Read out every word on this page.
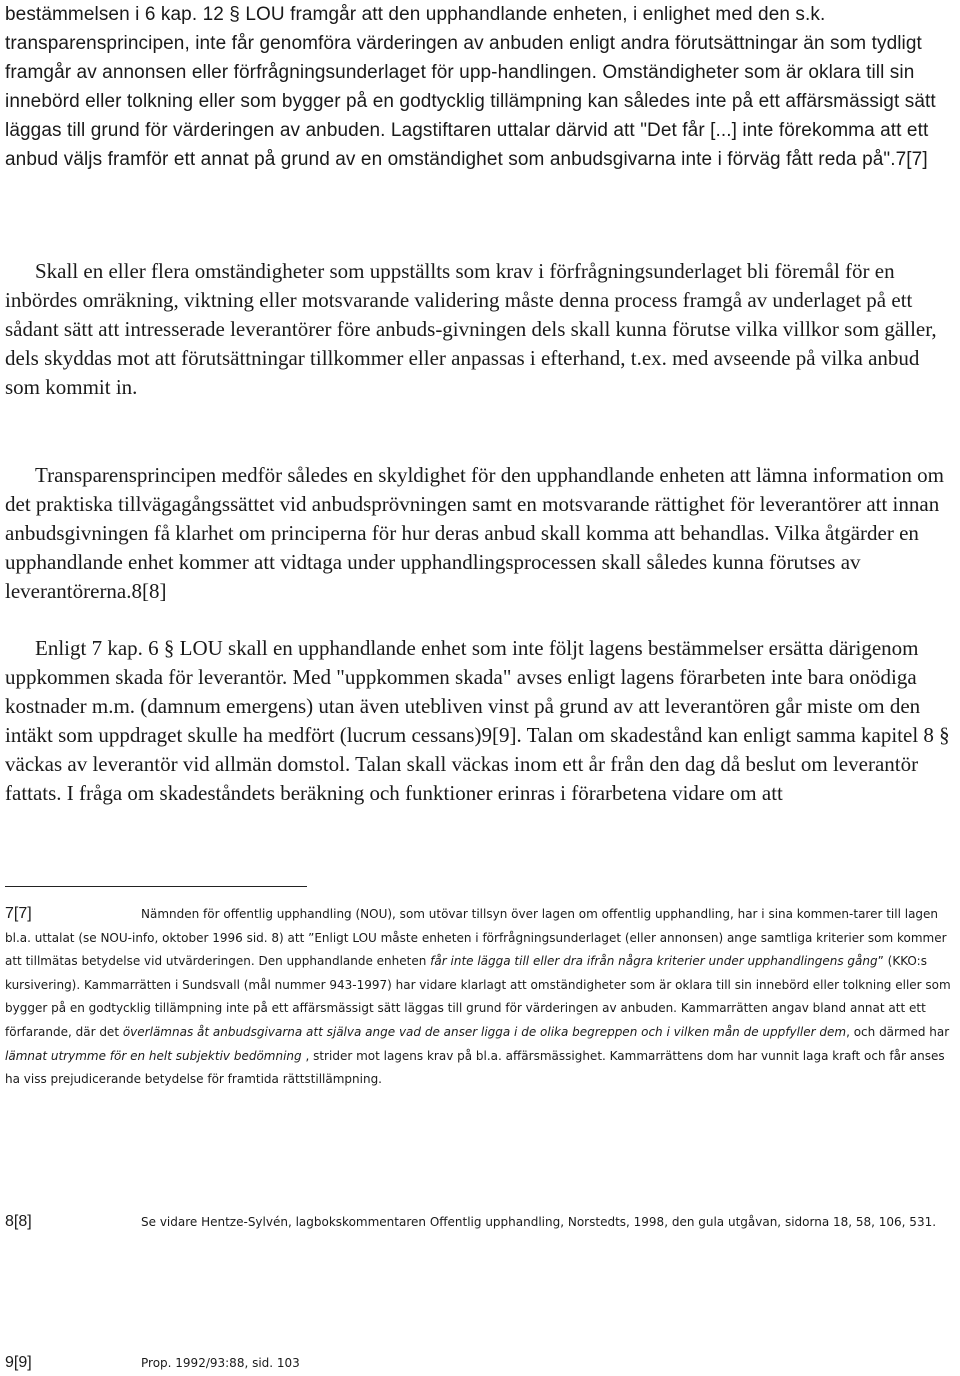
bestämmelsen i 6 kap. 12 § LOU framgår att den upphandlande enheten, i enlighet med den s.k. transparensprincipen, inte får genomföra värderingen av anbuden enligt andra förutsättningar än som tydligt framgår av annonsen eller förfrågningsunderlaget för upp-handlingen. Omständigheter som är oklara till sin innebörd eller tolkning eller som bygger på en godtycklig tillämpning kan således inte på ett affärsmässigt sätt läggas till grund för värderingen av anbuden. Lagstiftaren uttalar därvid att "Det får [...] inte förekomma att ett anbud väljs framför ett annat på grund av en omständighet som anbudsgivarna inte i förväg fått reda på".7[7]
Skall en eller flera omständigheter som uppställts som krav i förfrågningsunderlaget bli föremål för en inbördes omräkning, viktning eller motsvarande validering måste denna process framgå av underlaget på ett sådant sätt att intresserade leverantörer före anbuds-givningen dels skall kunna förutse vilka villkor som gäller, dels skyddas mot att förutsättningar tillkommer eller anpassas i efterhand, t.ex. med avseende på vilka anbud som kommit in.
Transparensprincipen medför således en skyldighet för den upphandlande enheten att lämna information om det praktiska tillvägagångssättet vid anbudsprövningen samt en motsvarande rättighet för leverantörer att innan anbudsgivningen få klarhet om principerna för hur deras anbud skall komma att behandlas. Vilka åtgärder en upphandlande enhet kommer att vidtaga under upphandlingsprocessen skall således kunna förutses av leverantörerna.8[8]
Enligt 7 kap. 6 § LOU skall en upphandlande enhet som inte följt lagens bestämmelser ersätta därigenom uppkommen skada för leverantör. Med "uppkommen skada" avses enligt lagens förarbeten inte bara onödiga kostnader m.m. (damnum emergens) utan även utebliven vinst på grund av att leverantören går miste om den intäkt som uppdraget skulle ha medfört (lucrum cessans)9[9]. Talan om skadestånd kan enligt samma kapitel 8 § väckas av leverantör vid allmän domstol. Talan skall väckas inom ett år från den dag då beslut om leverantör fattats. I fråga om skadeståndets beräkning och funktioner erinras i förarbetena vidare om att
7[7]	Nämnden för offentlig upphandling (NOU), som utövar tillsyn över lagen om offentlig upphandling, har i sina kommen-tarer till lagen bl.a. uttalat (se NOU-info, oktober 1996 sid. 8) att ”Enligt LOU måste enheten i förfrågningsunderlaget (eller annonsen) ange samtliga kriterier som kommer att tillmätas betydelse vid utvärderingen. Den upphandlande enheten får inte lägga till eller dra ifrån några kriterier under upphandlingens gång” (KKO:s kursivering). Kammarrätten i Sundsvall (mål nummer 943-1997) har vidare klarlagt att omständigheter som är oklara till sin innebörd eller tolkning eller som bygger på en godtycklig tillämpning inte på ett affärsmässigt sätt läggas till grund för värderingen av anbuden. Kammarrätten angav bland annat att ett förfarande, där det överlämnas åt anbudsgivarna att själva ange vad de anser ligga i de olika begreppen och i vilken mån de uppfyller dem, och därmed har lämnat utrymme för en helt subjektiv bedömning , strider mot lagens krav på bl.a. affärsmässighet. Kammarrättens dom har vunnit laga kraft och får anses ha viss prejudicerande betydelse för framtida rättstillämpning.
8[8]	Se vidare Hentze-Sylvén, lagbokskommentaren Offentlig upphandling, Norstedts, 1998, den gula utgåvan, sidorna 18, 58, 106, 531.
9[9]	Prop. 1992/93:88, sid. 103
